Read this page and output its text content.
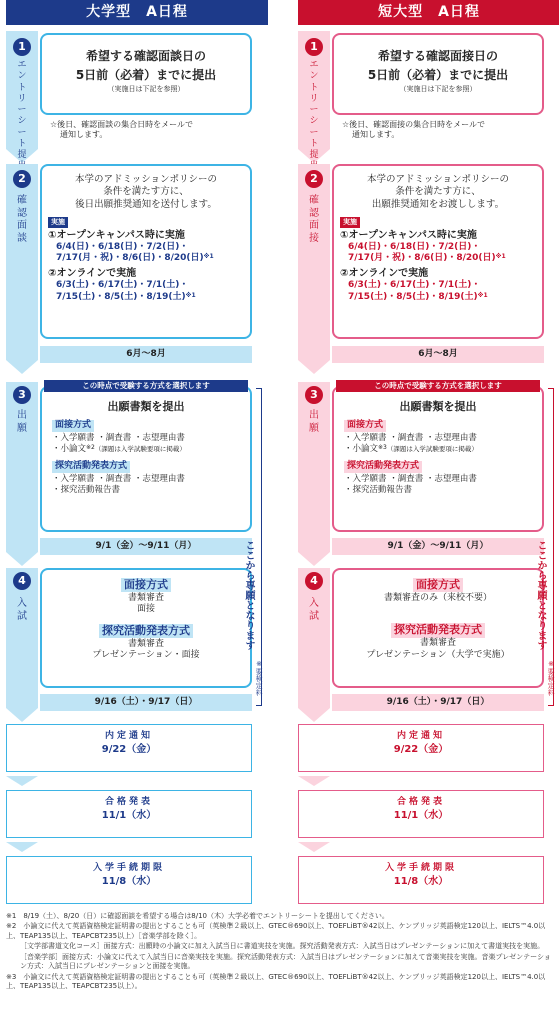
大学型　A日程
1
エントリーシート提
希望する確認面談日の
5日前（必着）までに提出
（実施日は下記を参照）
☆後日、確認面談の集合日時をメールで
通知します。
2
確認面談
本学のアドミッションポリシーの
条件を満たす方に、
後日出願推奨通知を送付します。
実施
①オープンキャンパス時に実施
6/4(日)・6/18(日)・7/2(日)・
7/17(月・祝)・8/6(日)・8/20(日)$^{※1}$
②オンラインで実施
6/3(土)・6/17(土)・7/1(土)・
7/15(土)・8/5(土)・8/19(土)$^{※1}$
6月〜8月
3
出願
出願書類を提出
面接方式
・入学願書 ・調査書 ・志望理由書
・小論文$^{※2}$（課題は入学試験要項に掲載）
探究活動発表方式
・入学願書 ・調査書 ・志望理由書
・探究活動報告書
この時点で受験する方式を選択します
9/1（金）〜9/11（月）
4
入試
面接方式
書類審査
面接
探究活動発表方式
書類審査
プレゼンテーション・面接
9/16（土）・9/17（日）
ここから専願となります
※要検定料
内定通知
9/22（金）
合格発表
11/1（水）
入学手続期限
11/8（水）
短大型　A日程
1
エントリーシート提
希望する確認面接日の
5日前（必着）までに提出
（実施日は下記を参照）
☆後日、確認面接の集合日時をメールで
通知します。
2
確認面接
本学のアドミッションポリシーの
条件を満たす方に、
出願推奨通知をお渡しします。
実施
①オープンキャンパス時に実施
6/4(日)・6/18(日)・7/2(日)・
7/17(月・祝)・8/6(日)・8/20(日)$^{※1}$
②オンラインで実施
6/3(土)・6/17(土)・7/1(土)・
7/15(土)・8/5(土)・8/19(土)$^{※1}$
6月〜8月
3
出願
出願書類を提出
面接方式
・入学願書 ・調査書 ・志望理由書
・小論文$^{※3}$（課題は入学試験要項に掲載）
探究活動発表方式
・入学願書 ・調査書 ・志望理由書
・探究活動報告書
この時点で受験する方式を選択します
9/1（金）〜9/11（月）
4
入試
面接方式
書類審査のみ（来校不要）
探究活動発表方式
書類審査
プレゼンテーション（大学で実施）
9/16（土）・9/17（日）
ここから専願となります
※要検定料
内定通知
9/22（金）
合格発表
11/1（水）
入学手続期限
11/8（水）

※1　8/19（土）、8/20（日）に確認面談を希望する場合は8/10（木）大学必着でエントリーシートを提出してください。

※2　小論文に代えて英語資格検定証明書の提出とすることも可（英検準２級以上、GTEC®690以上、TOEFLiBT®42以上、ケンブリッジ英語検定120以上、IELTS™4.0以上、TEAP135以上、TEAPCBT235以上）［音楽学部を除く］。

［文学部書道文化コース］面接方式：出願時の小論文に加え入試当日に書道実技を実施。探究活動発表方式：入試当日はプレゼンテーションに加えて書道実技を実施。

［音楽学部］面接方式：小論文に代えて入試当日に音楽実技を実施。探究活動発表方式：入試当日はプレゼンテーションに加えて音楽実技を実施。音楽プレゼンテーション方式：入試当日にプレゼンテーションと面接を実施。

※3　小論文に代えて英語資格検定証明書の提出とすることも可（英検準２級以上、GTEC®690以上、TOEFLiBT®42以上、ケンブリッジ英語検定120以上、IELTS™4.0以上、TEAP135以上、TEAPCBT235以上）。
